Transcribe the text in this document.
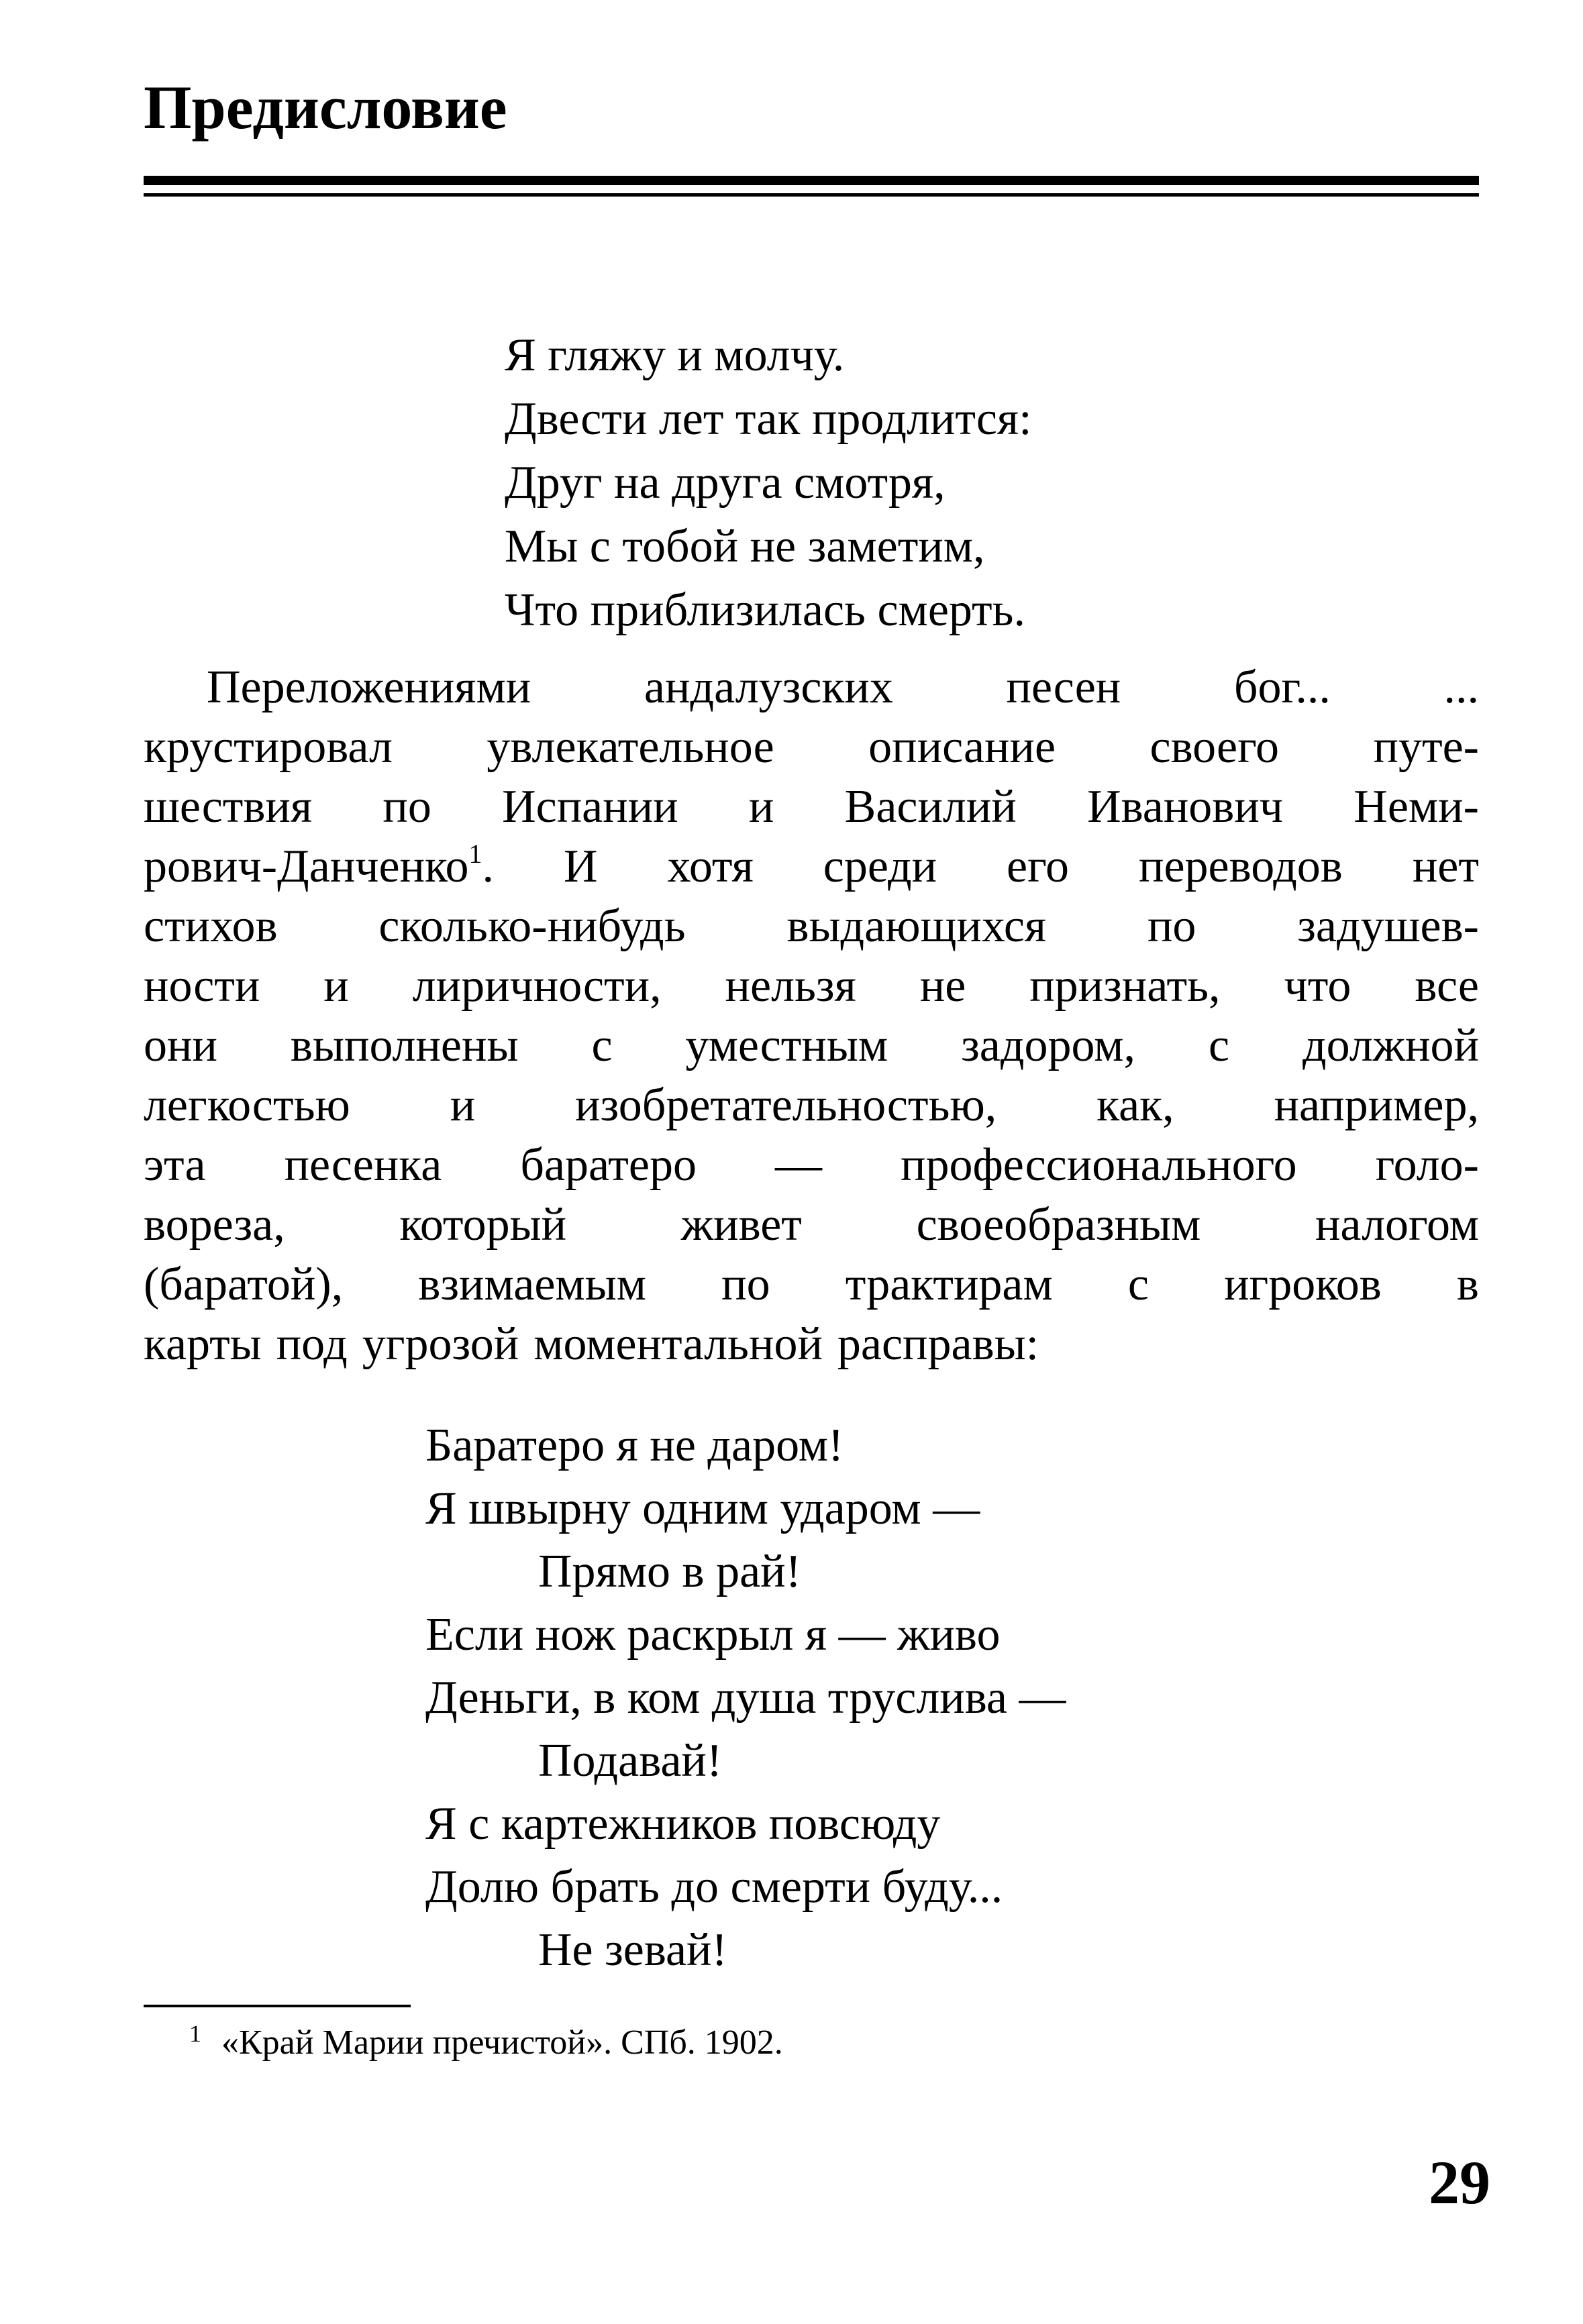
Предисловие
Я гляжу и молчу.
Двести лет так продлится:
Друг на друга смотря,
Мы с тобой не заметим,
Что приблизилась смерть.
Переложениями андалузских песен бог... ...
крустировал увлекательное описание своего путе-
шествия по Испании и Василий Иванович Неми-
рович-Данченко$^1$. И хотя среди его переводов нет
стихов сколько-нибудь выдающихся по задушев-
ности и лиричности, нельзя не признать, что все
они выполнены с уместным задором, с должной
легкостью и изобретательностью, как, например,
эта песенка баратеро — профессионального голо-
вореза, который живет своеобразным налогом
(баратой), взимаемым по трактирам с игроков в
карты под угрозой моментальной расправы:
Баратеро я не даром!
Я швырну одним ударом —
Прямо в рай!
Если нож раскрыл я — живо
Деньги, в ком душа труслива —
Подавай!
Я с картежников повсюду
Долю брать до смерти буду...
Не зевай!
$^1$ «Край Марии пречистой». СПб. 1902.
29
